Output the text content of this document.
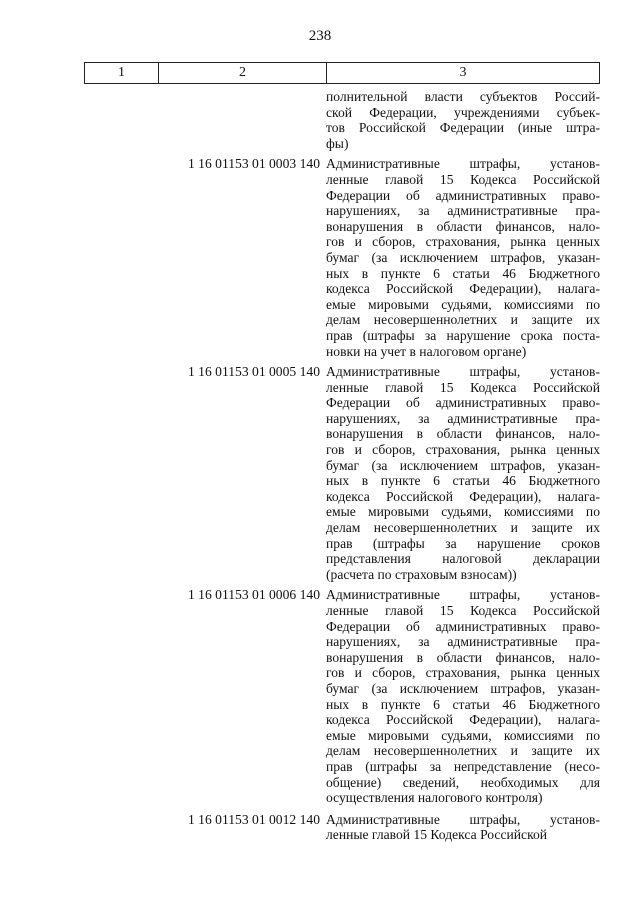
238
1	2	3
полнительной власти субъектов Россий-
ской Федерации, учреждениями субъек-
тов Российской Федерации (иные штра-
фы)
1 16 01153 01 0003 140 Административные штрафы, установ-
ленные главой 15 Кодекса Российской
Федерации об административных право-
нарушениях, за административные пра-
вонарушения в области финансов, нало-
гов и сборов, страхования, рынка ценных
бумаг (за исключением штрафов, указан-
ных в пункте 6 статьи 46 Бюджетного
кодекса Российской Федерации), налага-
емые мировыми судьями, комиссиями по
делам несовершеннолетних и защите их
прав (штрафы за нарушение срока поста-
новки на учет в налоговом органе)
1 16 01153 01 0005 140 Административные штрафы, установ-
ленные главой 15 Кодекса Российской
Федерации об административных право-
нарушениях, за административные пра-
вонарушения в области финансов, нало-
гов и сборов, страхования, рынка ценных
бумаг (за исключением штрафов, указан-
ных в пункте 6 статьи 46 Бюджетного
кодекса Российской Федерации), налага-
емые мировыми судьями, комиссиями по
делам несовершеннолетних и защите их
прав (штрафы за нарушение сроков
представления налоговой декларации
(расчета по страховым взносам))
1 16 01153 01 0006 140 Административные штрафы, установ-
ленные главой 15 Кодекса Российской
Федерации об административных право-
нарушениях, за административные пра-
вонарушения в области финансов, нало-
гов и сборов, страхования, рынка ценных
бумаг (за исключением штрафов, указан-
ных в пункте 6 статьи 46 Бюджетного
кодекса Российской Федерации), налага-
емые мировыми судьями, комиссиями по
делам несовершеннолетних и защите их
прав (штрафы за непредставление (несо-
общение) сведений, необходимых для
осуществления налогового контроля)
1 16 01153 01 0012 140 Административные штрафы, установ-
ленные главой 15 Кодекса Российской
